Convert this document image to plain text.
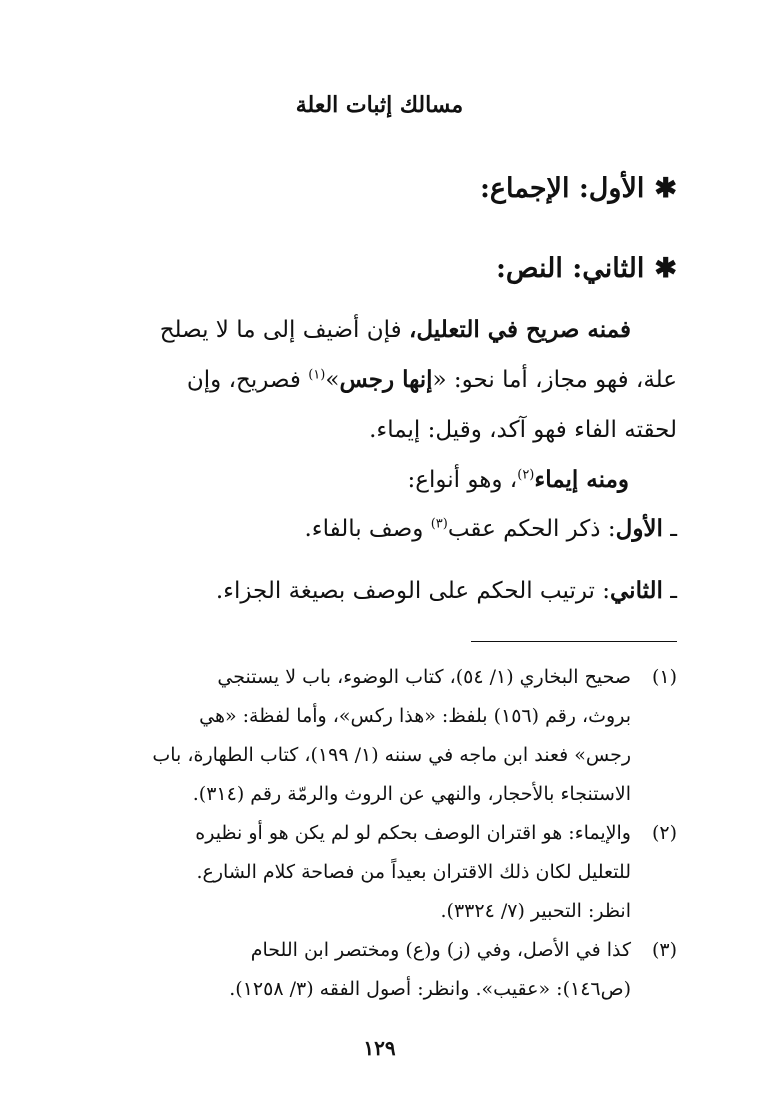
مسالك إثبات العلة
✱الأول: الإجماع:
✱الثاني: النص:
فمنه صريح في التعليل، فإن أضيف إلى ما لا يصلح
علة، فهو مجاز، أما نحو: «إنها رجس»$^{(١)}$ فصريح، وإن
لحقته الفاء فهو آكد، وقيل: إيماء.
ومنه إيماء$^{(٢)}$، وهو أنواع:
ـ الأول: ذكر الحكم عقب$^{(٣)}$ وصف بالفاء.
ـ الثاني: ترتيب الحكم على الوصف بصيغة الجزاء.
(١)
صحيح البخاري (١/ ٥٤)، كتاب الوضوء، باب لا يستنجي
بروث، رقم (١٥٦) بلفظ: «هذا ركس»، وأما لفظة: «هي
رجس» فعند ابن ماجه في سننه (١/ ١٩٩)، كتاب الطهارة، باب
الاستنجاء بالأحجار، والنهي عن الروث والرمّة رقم (٣١٤).
(٢)
والإيماء: هو اقتران الوصف بحكم لو لم يكن هو أو نظيره
للتعليل لكان ذلك الاقتران بعيداً من فصاحة كلام الشارع.
انظر: التحبير (٧/ ٣٣٢٤).
(٣)
كذا في الأصل، وفي (ز) و(ع) ومختصر ابن اللحام
(ص١٤٦): «عقيب». وانظر: أصول الفقه (٣/ ١٢٥٨).
١٢٩
